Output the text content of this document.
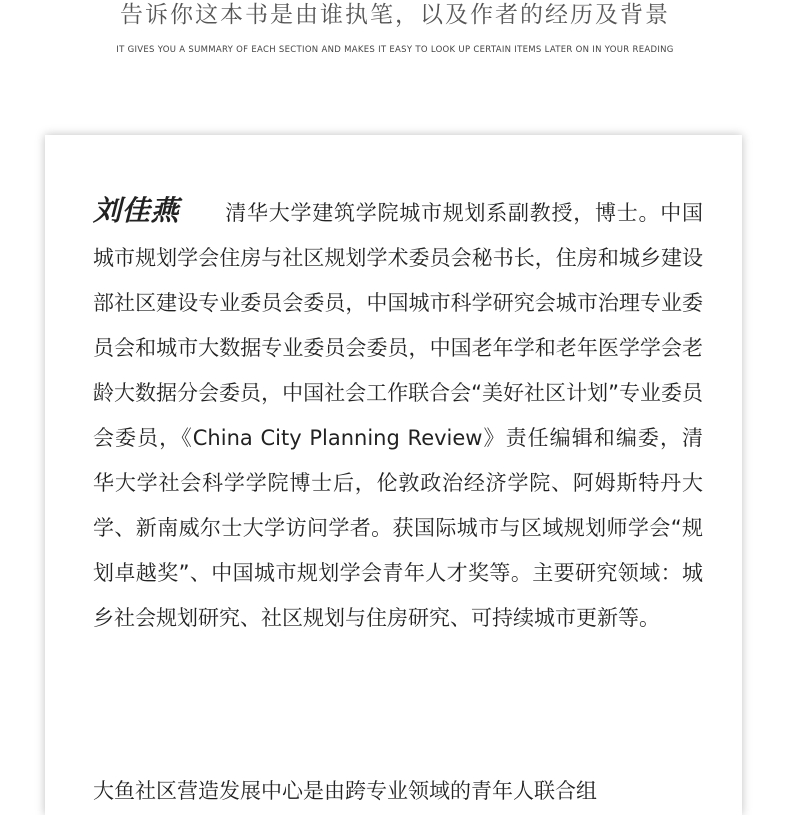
告诉你这本书是由谁执笔，以及作者的经历及背景
IT GIVES YOU A SUMMARY OF EACH SECTION AND MAKES IT EASY TO LOOK UP CERTAIN ITEMS LATER ON IN YOUR READING

刘佳燕 清华大学建筑学院城市规划系副教授，博士。中国城市规划学会住房与社区规划学术委员会秘书长，住房和城乡建设部社区建设专业委员会委员，中国城市科学研究会城市治理专业委员会和城市大数据专业委员会委员，中国老年学和老年医学学会老龄大数据分会委员，中国社会工作联合会“美好社区计划”专业委员会委员，《China City Planning Review》责任编辑和编委，清华大学社会科学学院博士后，伦敦政治经济学院、阿姆斯特丹大学、新南威尔士大学访问学者。获国际城市与区域规划师学会“规划卓越奖”、中国城市规划学会青年人才奖等。主要研究领域：城乡社会规划研究、社区规划与住房研究、可持续城市更新等。

大鱼社区营造发展中心是由跨专业领域的青年人联合组
